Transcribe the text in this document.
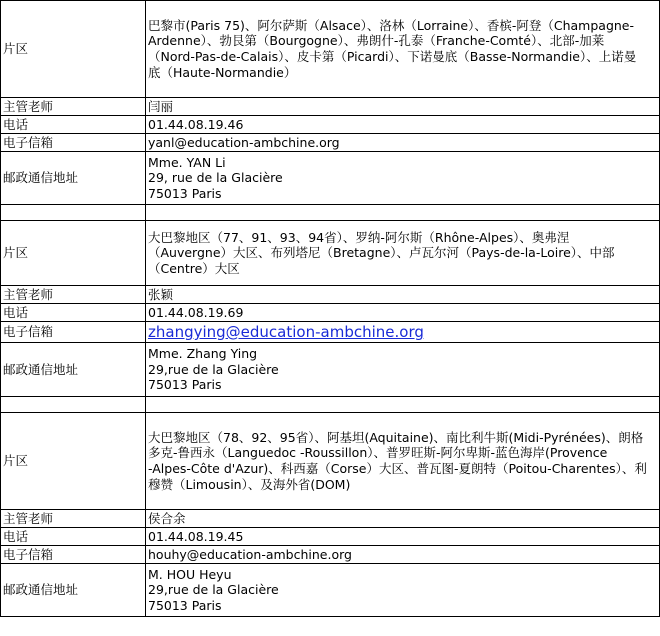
片区	巴黎市(Paris 75)、阿尔萨斯（Alsace）、洛林（Lorraine）、香槟-阿登（Champagne-
Ardenne）、勃艮第（Bourgogne）、弗朗什-孔泰（Franche-Comté）、北部-加莱
（Nord-Pas-de-Calais）、皮卡第（Picardi）、下诺曼底（Basse-Normandie）、上诺曼
底（Haute-Normandie）

主管老师	闫丽
电话	01.44.08.19.46
电子信箱	yanl@education-ambchine.org
邮政通信地址	Mme. YAN Li
29, rue de la Glacière
75013 Paris

片区	大巴黎地区（77、91、93、94省）、罗纳-阿尔斯（Rhône-Alpes）、奥弗涅
（Auvergne）大区、布列塔尼（Bretagne）、卢瓦尔河（Pays-de-la-Loire）、中部
（Centre）大区

主管老师	张颖
电话	01.44.08.19.69
电子信箱	zhangying@education-ambchine.org
邮政通信地址	Mme. Zhang Ying
29,rue de la Glacière
75013 Paris

片区	大巴黎地区（78、92、95省）、阿基坦(Aquitaine)、南比利牛斯(Midi-Pyrénées)、朗格
多克-鲁西永（Languedoc -Roussillon）、普罗旺斯-阿尔卑斯-蓝色海岸(Provence
-Alpes-Côte d'Azur)、科西嘉（Corse）大区、普瓦图-夏朗特（Poitou-Charentes）、利
穆赞（Limousin）、及海外省(DOM)

主管老师	侯合余
电话	01.44.08.19.45
电子信箱	houhy@education-ambchine.org
邮政通信地址	M. HOU Heyu
29,rue de la Glacière
75013 Paris
